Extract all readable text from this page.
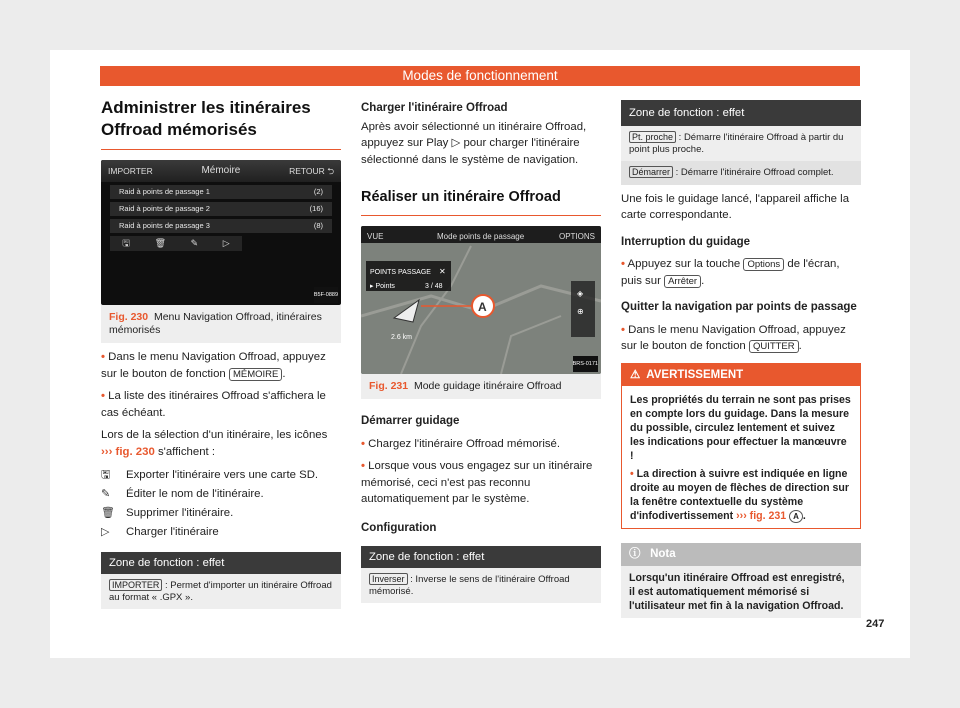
Modes de fonctionnement
Administrer les itinéraires Offroad mémorisés
IMPORTER	Mémoire	RETOUR ⮌
Raid à points de passage 1	(2)
Raid à points de passage 2	(16)
Raid à points de passage 3	(8)
🖫	🗑	✎	▷
B5F-0889
Fig. 230 Menu Navigation Offroad, itinéraires mémorisés

• Dans le menu Navigation Offroad, appuyez sur le bouton de fonction MÉMOIRE .

• La liste des itinéraires Offroad s'affichera le cas échéant.

Lors de la sélection d'un itinéraire, les icônes ››› fig. 230 s'affichent :

🖫	Exporter l'itinéraire vers une carte SD.
✎	Éditer le nom de l'itinéraire.
🗑 Supprimer l'itinéraire.
▷	Charger l'itinéraire
Zone de fonction : effet
IMPORTER : Permet d'importer un itinéraire Offroad au format « .GPX ».
Charger l'itinéraire Offroad

Après avoir sélectionné un itinéraire Offroad, appuyez sur Play ▷ pour charger l'itinéraire sélectionné dans le système de navigation.

Réaliser un itinéraire Offroad
VUE	Mode points de passage	OPTIONS
POINTS PASSAGE ✕
▸ Points	3 / 48
2.6 km
A
◈
⊕
BRS-0171
Fig. 231 Mode guidage itinéraire Offroad
Démarrer guidage

• Chargez l'itinéraire Offroad mémorisé.

• Lorsque vous vous engagez sur un itinéraire mémorisé, ceci n'est pas reconnu automatiquement par le système.

Configuration
Zone de fonction : effet
Inverser : Inverse le sens de l'itinéraire Offroad mémorisé.
Zone de fonction : effet
Pt. proche : Démarre l'itinéraire Offroad à partir du point plus proche.
Démarrer : Démarre l'itinéraire Offroad complet.

Une fois le guidage lancé, l'appareil affiche la carte correspondante.

Interruption du guidage

• Appuyez sur la touche Options de l'écran, puis sur Arrêter .

Quitter la navigation par points de passage

• Dans le menu Navigation Offroad, appuyez sur le bouton de fonction QUITTER .

⚠ AVERTISSEMENT

Les propriétés du terrain ne sont pas prises en compte lors du guidage. Dans la mesure du possible, circulez lentement et suivez les indications pour effectuer la manœuvre !

• La direction à suivre est indiquée en ligne droite au moyen de flèches de direction sur la fenêtre contextuelle du système d'infodivertissement ››› fig. 231 A .

ⓘ Nota
Lorsqu'un itinéraire Offroad est enregistré, il est automatiquement mémorisé si l'utilisateur met fin à la navigation Offroad.
247
